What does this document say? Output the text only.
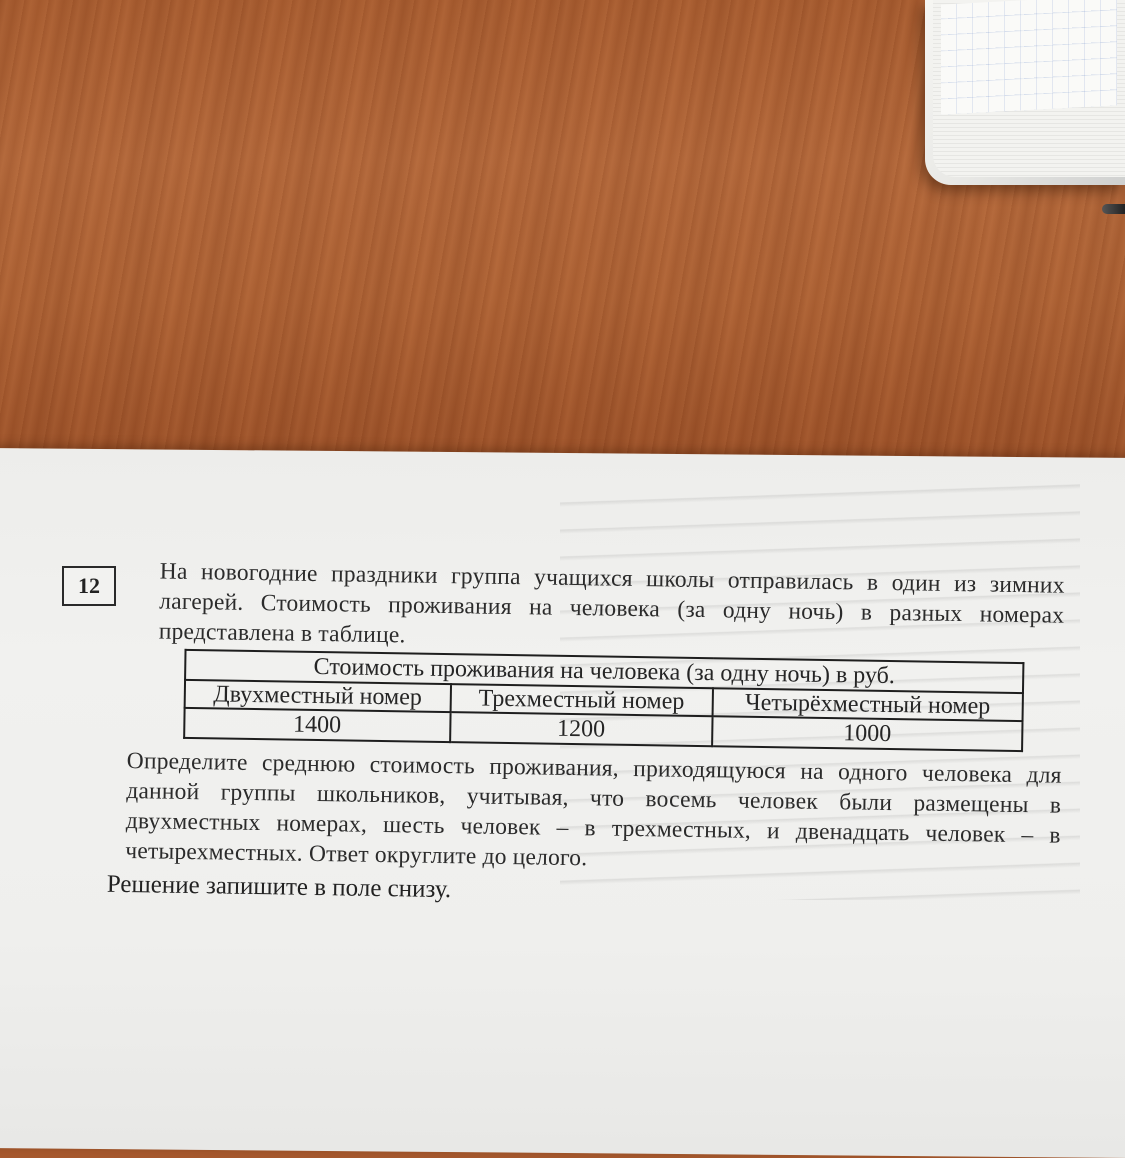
12	На новогодние праздники группа учащихся школы отправилась в один из зимних лагерей. Стоимость проживания на человека (за одну ночь) в разных номерах представлена в таблице.

Стоимость проживания на человека (за одну ночь) в руб.		
Двухместный номер	Трехместный номер	Четырёхместный номер
1400	1200	1000

Определите среднюю стоимость проживания, приходящуюся на одного человека для данной группы школьников, учитывая, что восемь человек были размещены в двухместных номерах, шесть человек – в трехместных, и двенадцать человек – в четырехместных. Ответ округлите до целого.

Решение запишите в поле снизу.
